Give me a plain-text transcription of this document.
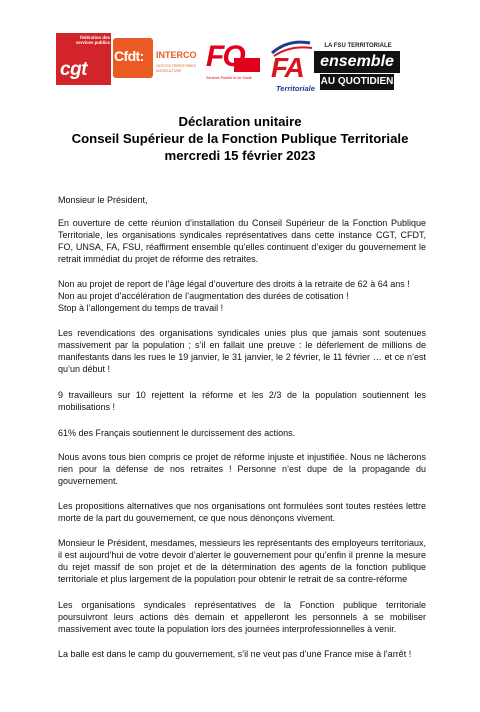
fédération des services publics
cgt
Cfdt: INTERCO
JUSTICE TERRITOIRES AGRICULTURE FO
Services Publics et de Santé FA
Territoriale
LA FSU TERRITORIALE
ensemble
AU QUOTIDIEN
Déclaration unitaire
Conseil Supérieur de la Fonction Publique Territoriale
mercredi 15 février 2023

Monsieur le Président,

En ouverture de cette réunion d’installation du Conseil Supérieur de la Fonction Publique Territoriale, les organisations syndicales représentatives dans cette instance CGT, CFDT, FO, UNSA, FA, FSU, réaffirment ensemble qu’elles continuent d’exiger du gouvernement le retrait immédiat du projet de réforme des retraites.

Non au projet de report de l’âge légal d’ouverture des droits à la retraite de 62 à 64 ans !
Non au projet d’accélération de l’augmentation des durées de cotisation !
Stop à l’allongement du temps de travail !

Les revendications des organisations syndicales unies plus que jamais sont soutenues massivement par la population ; s’il en fallait une preuve : le déferlement de millions de manifestants dans les rues le 19 janvier, le 31 janvier, le 2 février, le 11 février … et ce n’est qu’un début !

9 travailleurs sur 10 rejettent la réforme et les 2/3 de la population soutiennent les mobilisations !

61% des Français soutiennent le durcissement des actions.

Nous avons tous bien compris ce projet de réforme injuste et injustifiée. Nous ne lâcherons rien pour la défense de nos retraites ! Personne n’est dupe de la propagande du gouvernement.

Les propositions alternatives que nos organisations ont formulées sont toutes restées lettre morte de la part du gouvernement, ce que nous dénonçons vivement.

Monsieur le Président, mesdames, messieurs les représentants des employeurs territoriaux, il est aujourd’hui de votre devoir d’alerter le gouvernement pour qu’enfin il prenne la mesure du rejet massif de son projet et de la détermination des agents de la fonction publique territoriale et plus largement de la population pour obtenir le retrait de sa contre-réforme

Les organisations syndicales représentatives de la Fonction publique territoriale poursuivront leurs actions dès demain et appelleront les personnels à se mobiliser massivement avec toute la population lors des journées interprofessionnelles à venir.

La balle est dans le camp du gouvernement, s’il ne veut pas d’une France mise à l’arrêt !
